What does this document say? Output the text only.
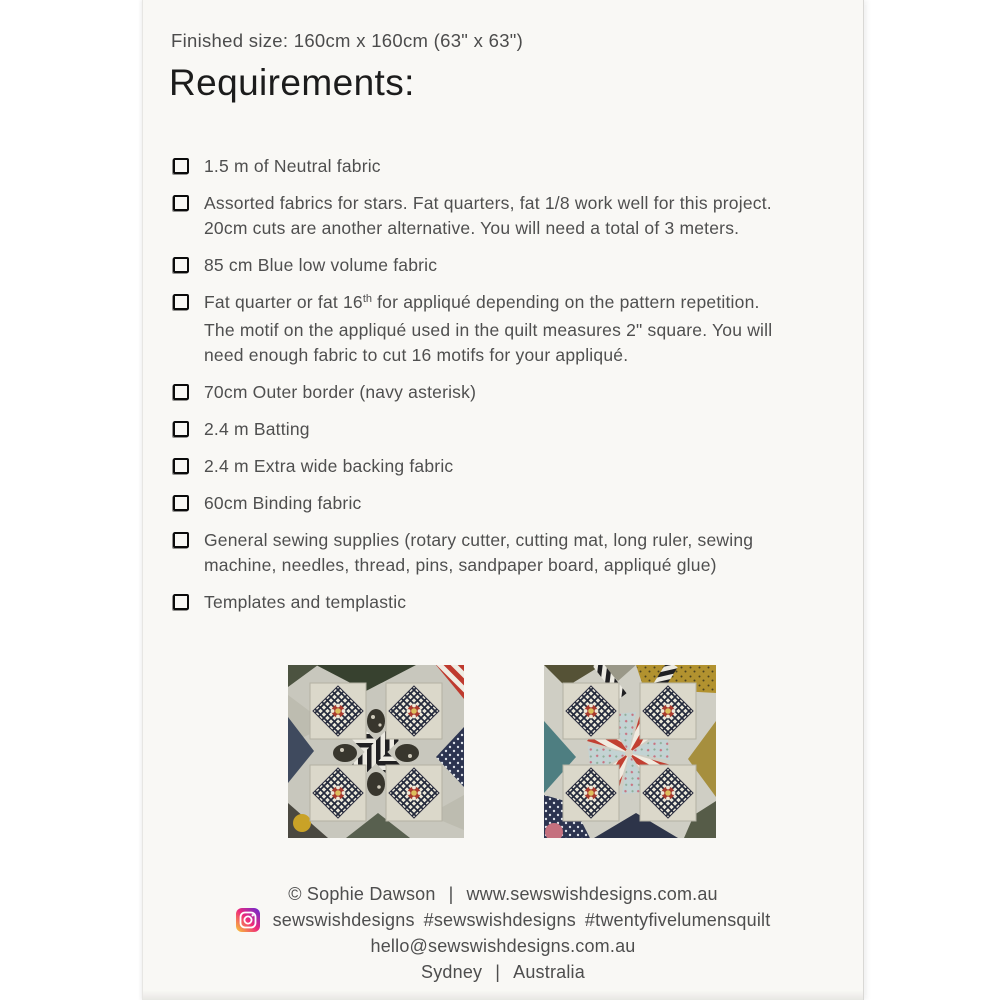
Finished size: 160cm x 160cm (63" x 63")
Requirements:
1.5 m of Neutral fabric
Assorted fabrics for stars. Fat quarters, fat 1/8 work well for this project.
20cm cuts are another alternative. You will need a total of 3 meters.
85 cm Blue low volume fabric
Fat quarter or fat 16th for appliqué depending on the pattern repetition.
The motif on the appliqué used in the quilt measures 2" square. You will
need enough fabric to cut 16 motifs for your appliqué.
70cm Outer border (navy asterisk)
2.4 m Batting
2.4 m Extra wide backing fabric
60cm Binding fabric
General sewing supplies (rotary cutter, cutting mat, long ruler, sewing
machine, needles, thread, pins, sandpaper board, appliqué glue)
Templates and templastic
© Sophie Dawson | www.sewswishdesigns.com.au
sewswishdesigns #sewswishdesigns #twentyfivelumensquilt
hello@sewswishdesigns.com.au
Sydney | Australia
